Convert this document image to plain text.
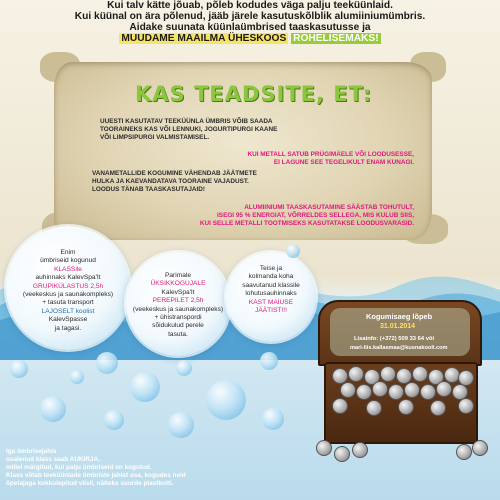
Kui talv kätte jõuab, põleb kodudes väga palju teeküünlaid.
Kui küünal on ära põlenud, jääb järele kasutuskõlblik alumiiniumümbris.
Aidake suunata küünlaümbrised taaskasutusse ja
MUUDAME MAAILMA ÜHESKOOS ROHELISEMAKS!
KAS TEADSITE, ET:
UUESTI KASUTATAV TEEKÜÜNLA ÜMBRIS VÕIB SAADA
TOORAINEKS KAS VÕI LENNUKI, JOGURTIPURGI KAANE
VÕI LIMPSIPURGI VALMISTAMISEL.
KUI METALL SATUB PRÜGIMÄELE VÕI LOODUSESSE,
EI LAGUNE SEE TEGELIKULT ENAM KUNAGI.
VANAMETALLIDE KOGUMINE VÄHENDAB JÄÄTMETE
HULKA JA KAEVANDATAVA TOORAINE VAJADUST.
LOODUS TÄNAB TAASKASUTAJAID!
ALUMIINIUMI TAASKASUTAMINE SÄÄSTAB TOHUTULT,
ISEGI 95 % ENERGIAT, VÕRRELDES SELLEGA, MIS KULUB SIIS,
KUI SELLE METALLI TOOTMISEKS KASUTATAKSE LOODUSVARASID.
Enim
ümbriseid kogunud
KLASSile
auhinnaks KalevSpa'It
GRUPIKÜLASTUS 2,5h
(veekeskus ja saunakompleks)
+ tasuta transport
LAJOSELT koolist
KalevSpasse
ja tagasi.
Parimale
ÜKSIKKOGUJALE
KalevSpa'It
PEREPILET 2,5h
(veekeskus ja saunakompleks)
+ ühistranspordi
sõidukulud perele
tasuta.
Teise ja
kolmanda koha
saavutanud klassile
lohutusauhinnaks
KAST MAIUSE
JÄÄTIST!!!
Kogumisaeg lõpeb
31.01.2014
Lisainfo: (+372) 509 33 64 või
mari-liis.kallasmaa@kusnakooli.com
Iga ümbrisejahis
osalenud klass saab AUKIRJA,
millel märgitud, kui palju ümbriseid on kogutud.
Klass võtab teeküünlade ümbriste jahist osa, kogudes neid
õpetajaga kokkulepitud viisil, näiteks suurde plastkotti.
